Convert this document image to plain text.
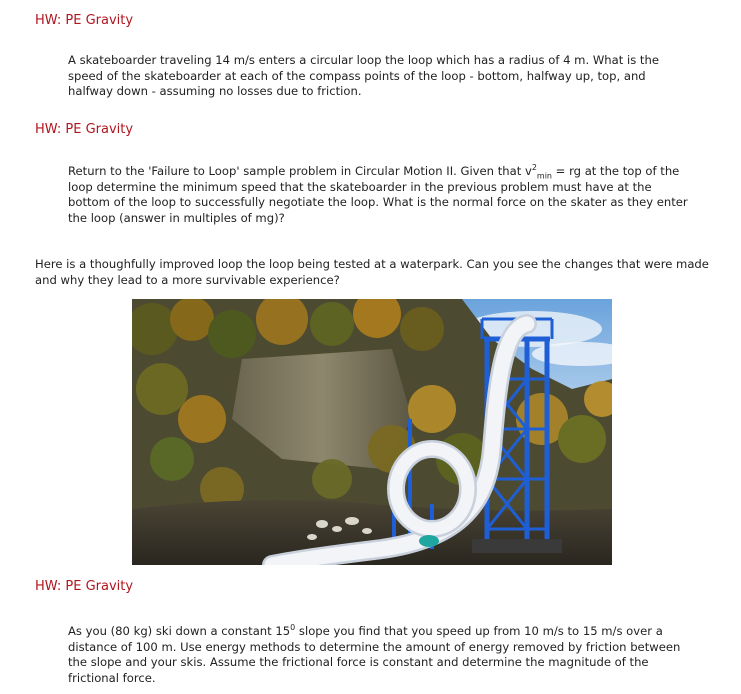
HW: PE Gravity

A skateboarder traveling 14 m/s enters a circular loop the loop which has a radius of 4 m. What is the speed of the skateboarder at each of the compass points of the loop - bottom, halfway up, top, and halfway down - assuming no losses due to friction.

HW: PE Gravity

Return to the 'Failure to Loop' sample problem in Circular Motion II. Given that $v^2_{min}$ = rg at the top of the loop determine the minimum speed that the skateboarder in the previous problem must have at the bottom of the loop to successfully negotiate the loop. What is the normal force on the skater as they enter the loop (answer in multiples of mg)?

Here is a thoughfully improved loop the loop being tested at a waterpark. Can you see the changes that were made and why they lead to a more survivable experience?

HW: PE Gravity

As you (80 kg) ski down a constant $15^0$ slope you find that you speed up from 10 m/s to 15 m/s over a distance of 100 m. Use energy methods to determine the amount of energy removed by friction between the slope and your skis. Assume the frictional force is constant and determine the magnitude of the frictional force.
